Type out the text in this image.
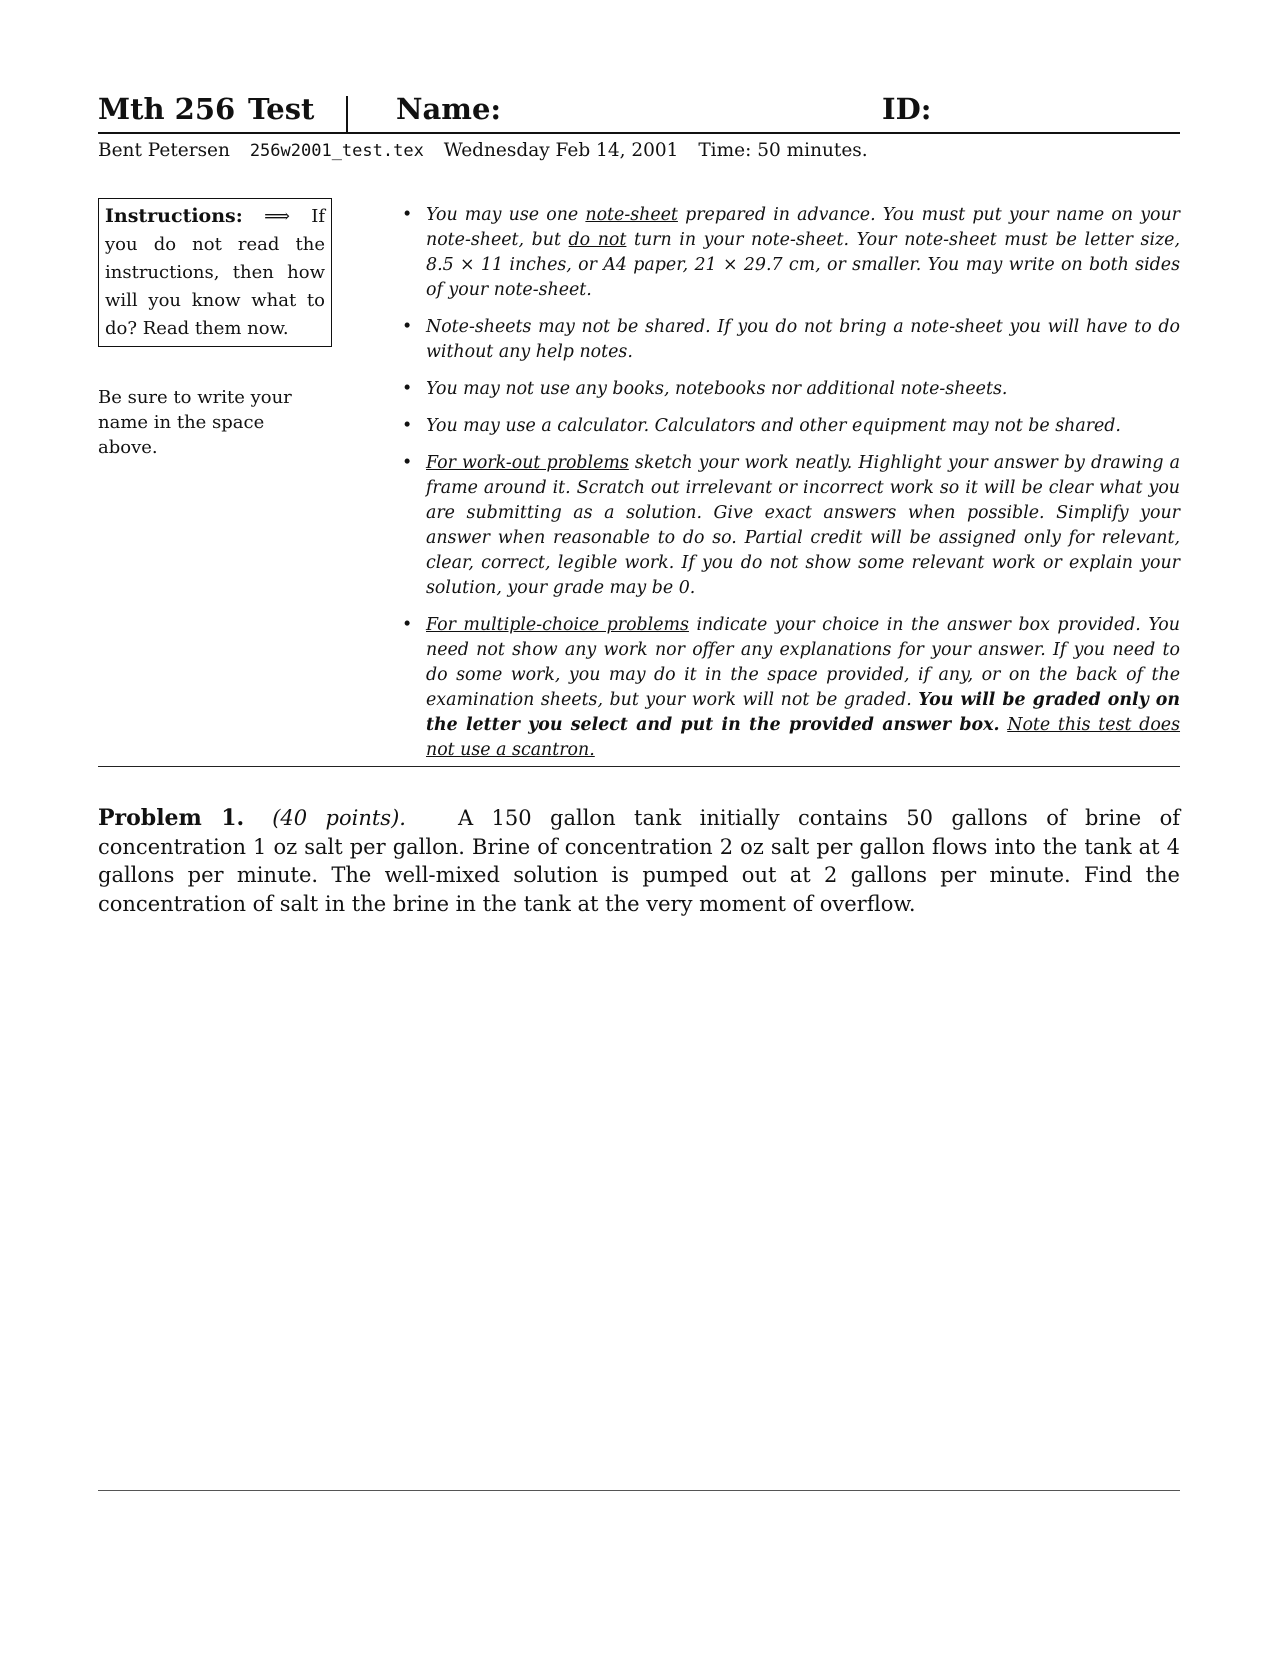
Mth 256 Test	Name:	ID:
Bent Petersen 256w2001_test.tex Wednesday Feb 14, 2001 Time: 50 minutes.
Instructions: ⟹ If you do not read the instructions, then how will you know what to do? Read them now.
Be sure to write your name in the space above.
• You may use one note-sheet prepared in advance. You must put your name on your note-sheet, but do not turn in your note-sheet. Your note-sheet must be letter size, 8.5 × 11 inches, or A4 paper, 21 × 29.7 cm, or smaller. You may write on both sides of your note-sheet.
• Note-sheets may not be shared. If you do not bring a note-sheet you will have to do without any help notes.
• You may not use any books, notebooks nor additional note-sheets.
• You may use a calculator. Calculators and other equipment may not be shared.
• For work-out problems sketch your work neatly. Highlight your answer by drawing a frame around it. Scratch out irrelevant or incorrect work so it will be clear what you are submitting as a solution. Give exact answers when possible. Simplify your answer when reasonable to do so. Partial credit will be assigned only for relevant, clear, correct, legible work. If you do not show some relevant work or explain your solution, your grade may be 0.
• For multiple-choice problems indicate your choice in the answer box provided. You need not show any work nor offer any explanations for your answer. If you need to do some work, you may do it in the space provided, if any, or on the back of the examination sheets, but your work will not be graded. You will be graded only on the letter you select and put in the provided answer box. Note this test does not use a scantron.
Problem 1. (40 points). A 150 gallon tank initially contains 50 gallons of brine of concentration 1 oz salt per gallon. Brine of concentration 2 oz salt per gallon flows into the tank at 4 gallons per minute. The well-mixed solution is pumped out at 2 gallons per minute. Find the concentration of salt in the brine in the tank at the very moment of overflow.
